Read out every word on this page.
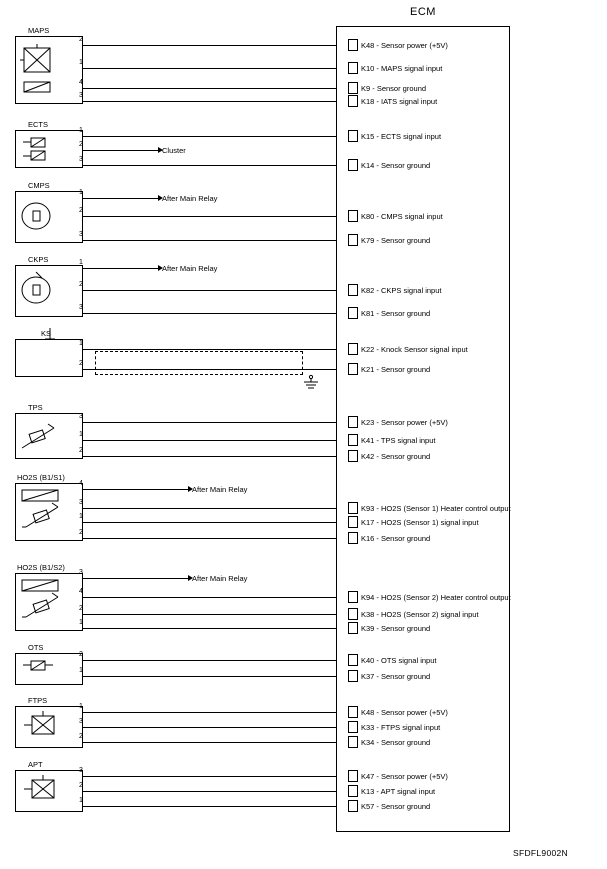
ECM
MAPS
2
1
4
3
K48 - Sensor power (+5V)
K10 - MAPS signal input
K9 - Sensor ground
K18 - IATS signal input
ECTS
Cluster
1
2
3
K15 - ECTS signal input
K14 - Sensor ground
CMPS
After Main Relay
1
2
3
K80 - CMPS signal input
K79 - Sensor ground
CKPS
After Main Relay
1
2
3
K82 - CKPS signal input
K81 - Sensor ground
KS
1
2
K22 - Knock Sensor signal input
K21 - Sensor ground
TPS
3
1
2
K23 - Sensor power (+5V)
K41 - TPS signal input
K42 - Sensor ground
HO2S (B1/S1)
After Main Relay
4
3
1
2
K93 - HO2S (Sensor 1) Heater control output
K17 - HO2S (Sensor 1) signal input
K16 - Sensor ground
HO2S (B1/S2)
After Main Relay
3
4
2
1
K94 - HO2S (Sensor 2) Heater control output
K38 - HO2S (Sensor 2) signal input
K39 - Sensor ground
OTS
2
1
K40 - OTS signal input
K37 - Sensor ground
FTPS
1
3
2
K48 - Sensor power (+5V)
K33 - FTPS signal input
K34 - Sensor ground
APT
3
2
1
K47 - Sensor power (+5V)
K13 - APT signal input
K57 - Sensor ground
SFDFL9002N
